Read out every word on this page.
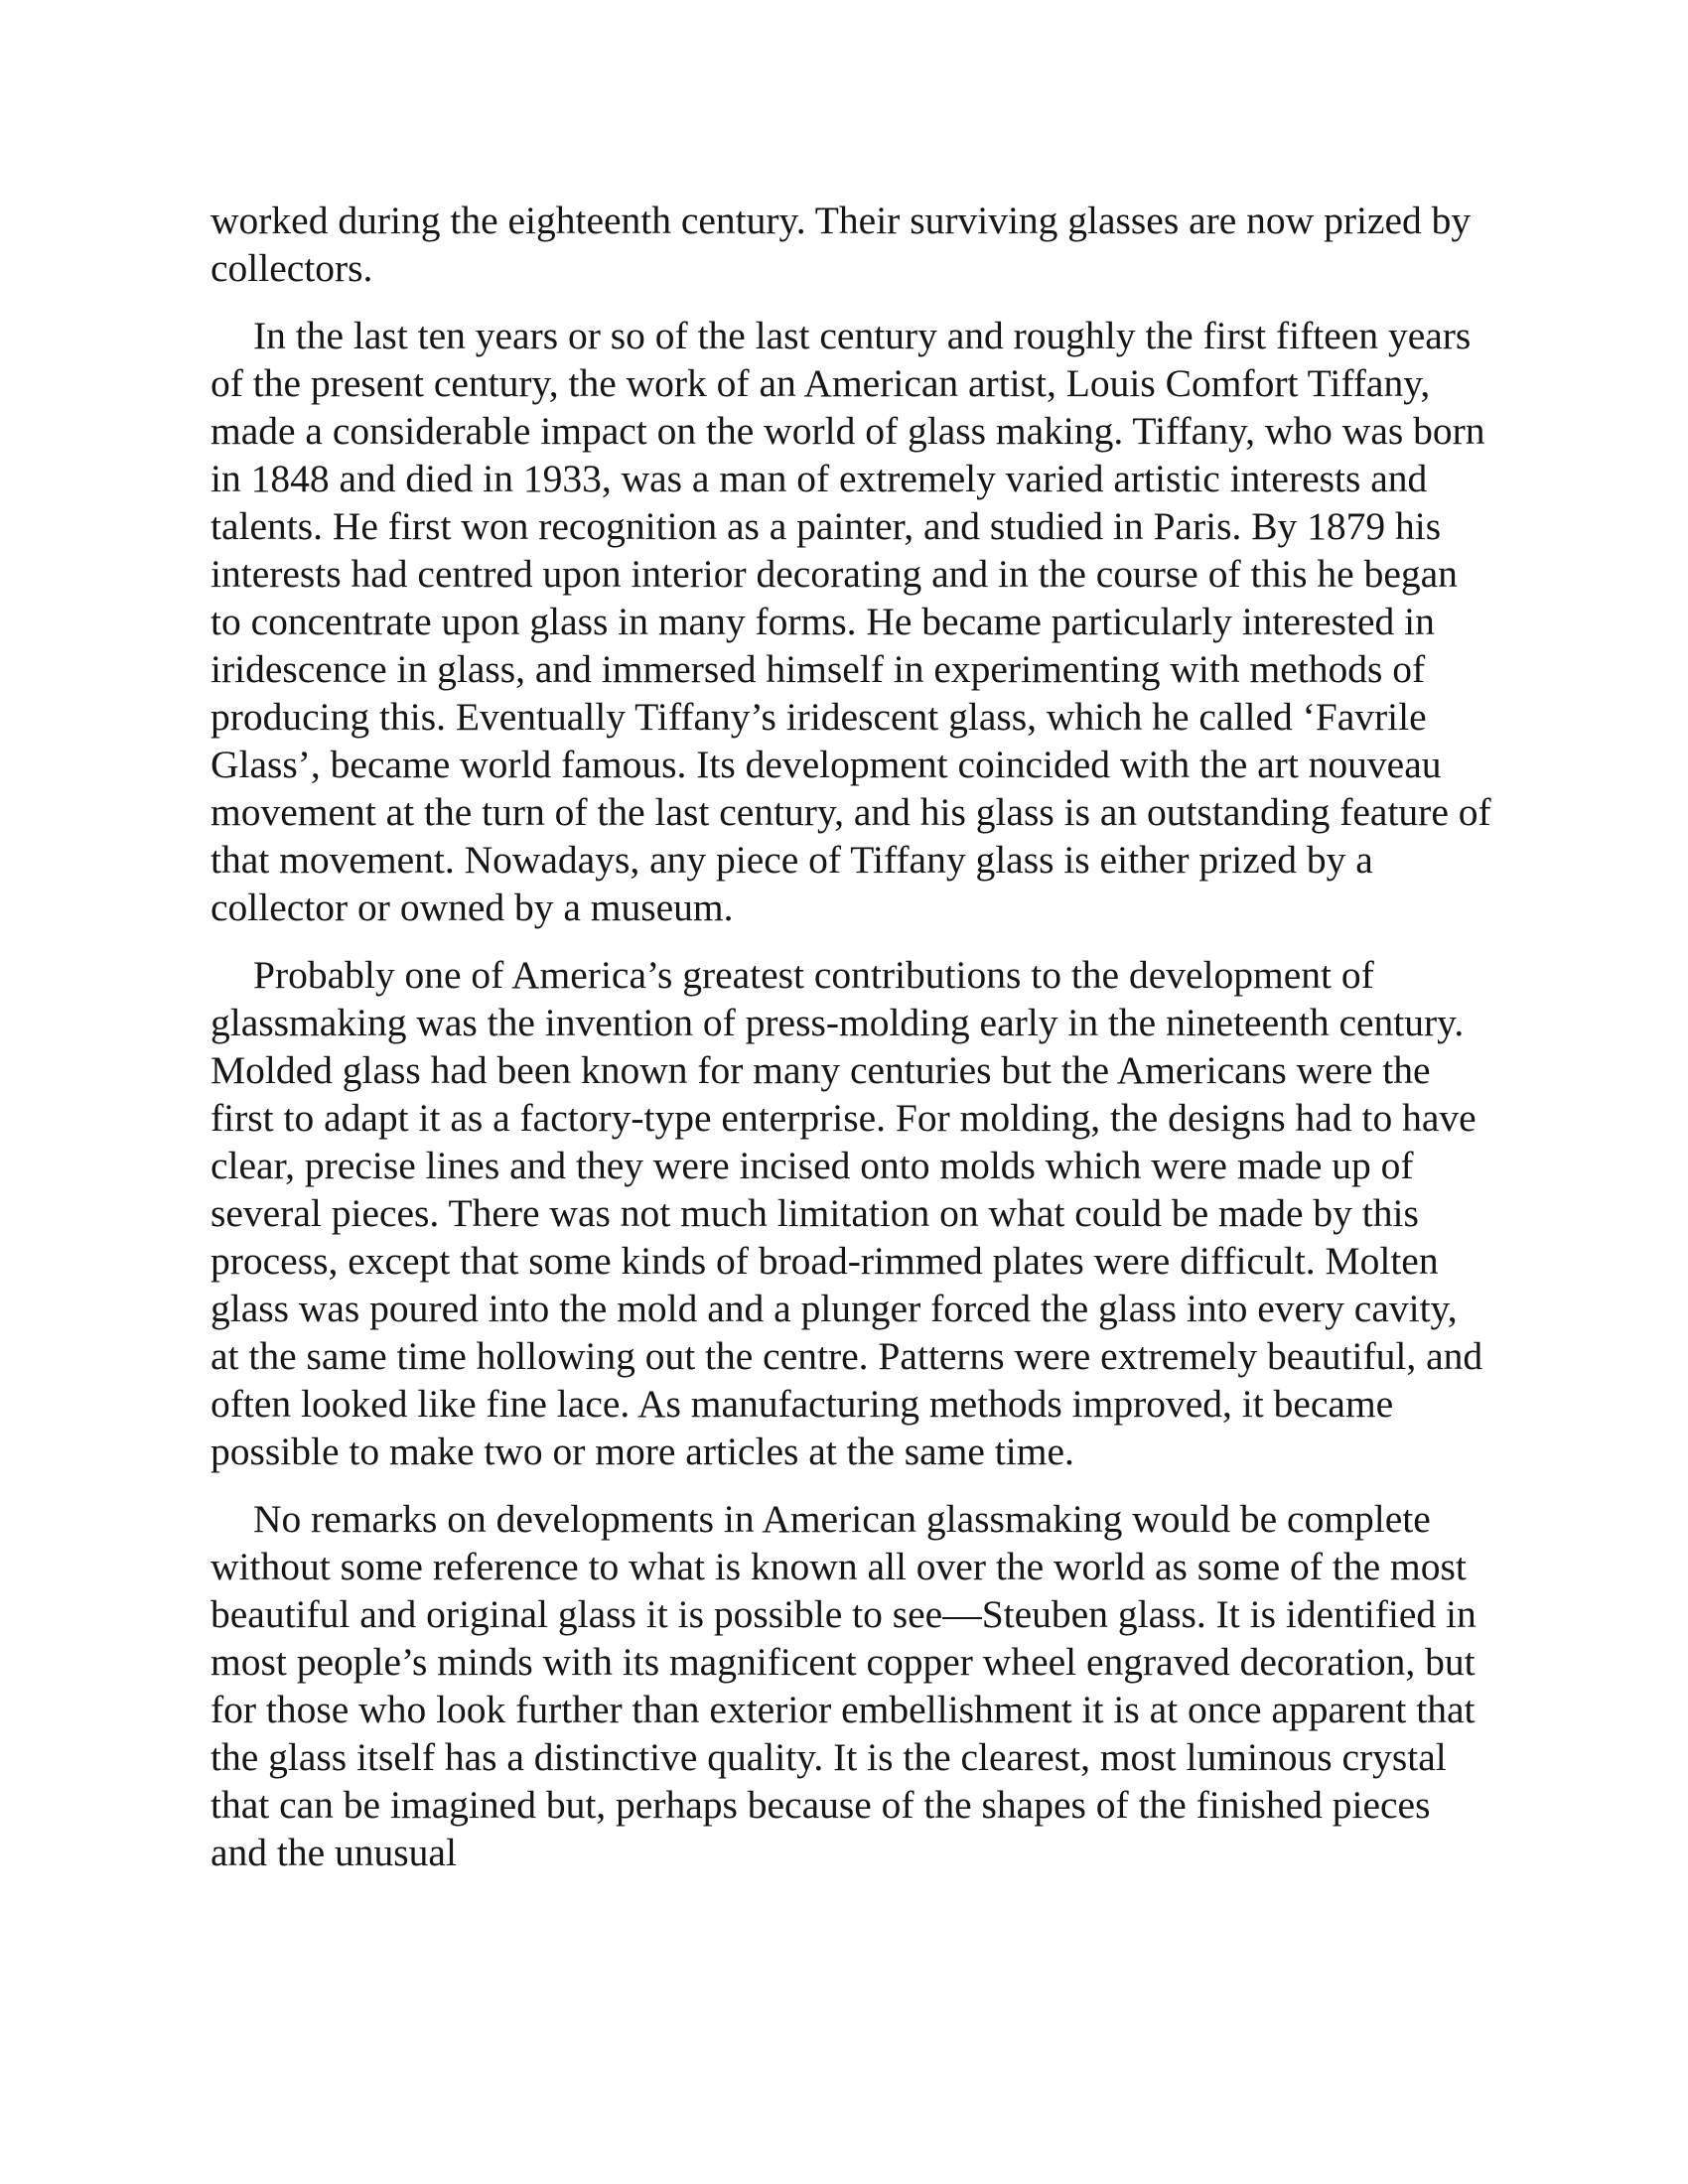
worked during the eighteenth century. Their surviving glasses are now prized by collectors.

In the last ten years or so of the last century and roughly the first fifteen years of the present century, the work of an American artist, Louis Comfort Tiffany, made a considerable impact on the world of glass making. Tiffany, who was born in 1848 and died in 1933, was a man of extremely varied artistic interests and talents. He first won recognition as a painter, and studied in Paris. By 1879 his interests had centred upon interior decorating and in the course of this he began to concentrate upon glass in many forms. He became particularly interested in iridescence in glass, and immersed himself in experimenting with methods of producing this. Eventually Tiffany’s iridescent glass, which he called ‘Favrile Glass’, became world famous. Its development coincided with the art nouveau movement at the turn of the last century, and his glass is an outstanding feature of that movement. Nowadays, any piece of Tiffany glass is either prized by a collector or owned by a museum.

Probably one of America’s greatest contributions to the development of glassmaking was the invention of press-molding early in the nineteenth century. Molded glass had been known for many centuries but the Americans were the first to adapt it as a factory-type enterprise. For molding, the designs had to have clear, precise lines and they were incised onto molds which were made up of several pieces. There was not much limitation on what could be made by this process, except that some kinds of broad-rimmed plates were difficult. Molten glass was poured into the mold and a plunger forced the glass into every cavity, at the same time hollowing out the centre. Patterns were extremely beautiful, and often looked like fine lace. As manufacturing methods improved, it became possible to make two or more articles at the same time.

No remarks on developments in American glassmaking would be complete without some reference to what is known all over the world as some of the most beautiful and original glass it is possible to see—Steuben glass. It is identified in most people’s minds with its magnificent copper wheel engraved decoration, but for those who look further than exterior embellishment it is at once apparent that the glass itself has a distinctive quality. It is the clearest, most luminous crystal that can be imagined but, perhaps because of the shapes of the finished pieces and the unusual
